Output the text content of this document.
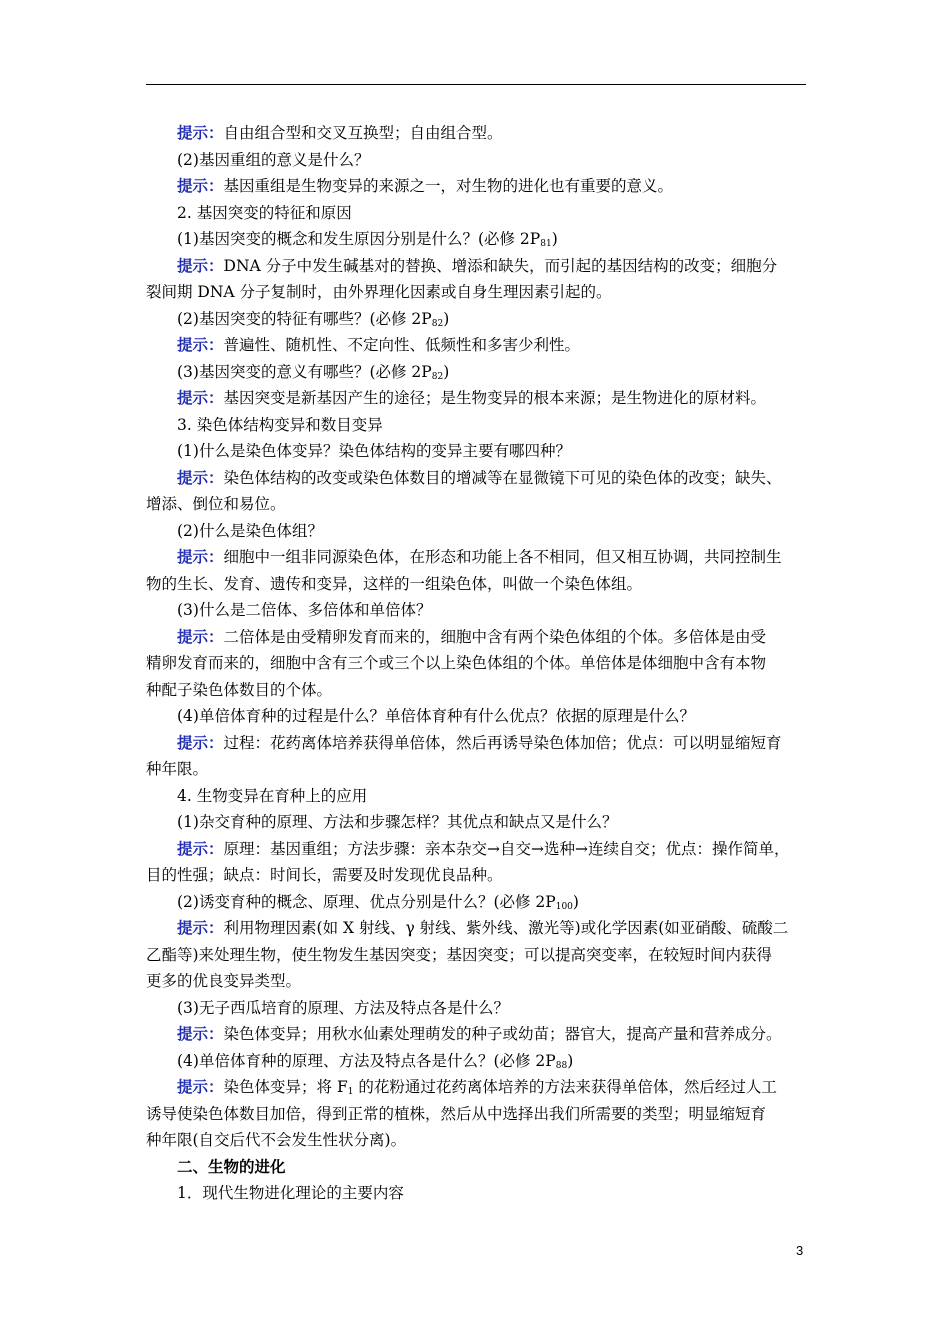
提示：自由组合型和交叉互换型；自由组合型。
(2)基因重组的意义是什么？
提示：基因重组是生物变异的来源之一，对生物的进化也有重要的意义。
2. 基因突变的特征和原因
(1)基因突变的概念和发生原因分别是什么？(必修 $2P_{81}$)
提示：DNA 分子中发生碱基对的替换、增添和缺失，而引起的基因结构的改变；细胞分
裂间期 DNA 分子复制时，由外界理化因素或自身生理因素引起的。
(2)基因突变的特征有哪些？(必修 $2P_{82}$)
提示：普遍性、随机性、不定向性、低频性和多害少利性。
(3)基因突变的意义有哪些？(必修 $2P_{82}$)
提示：基因突变是新基因产生的途径；是生物变异的根本来源；是生物进化的原材料。
3. 染色体结构变异和数目变异
(1)什么是染色体变异？染色体结构的变异主要有哪四种？
提示：染色体结构的改变或染色体数目的增减等在显微镜下可见的染色体的改变；缺失、
增添、倒位和易位。
(2)什么是染色体组？
提示：细胞中一组非同源染色体，在形态和功能上各不相同，但又相互协调，共同控制生
物的生长、发育、遗传和变异，这样的一组染色体，叫做一个染色体组。
(3)什么是二倍体、多倍体和单倍体？
提示：二倍体是由受精卵发育而来的，细胞中含有两个染色体组的个体。多倍体是由受
精卵发育而来的，细胞中含有三个或三个以上染色体组的个体。单倍体是体细胞中含有本物
种配子染色体数目的个体。
(4)单倍体育种的过程是什么？单倍体育种有什么优点？依据的原理是什么？
提示：过程：花药离体培养获得单倍体，然后再诱导染色体加倍；优点：可以明显缩短育
种年限。
4. 生物变异在育种上的应用
(1)杂交育种的原理、方法和步骤怎样？其优点和缺点又是什么？
提示：原理：基因重组；方法步骤：亲本杂交→自交→选种→连续自交；优点：操作简单，
目的性强；缺点：时间长，需要及时发现优良品种。
(2)诱变育种的概念、原理、优点分别是什么？(必修 $2P_{100}$)
提示：利用物理因素(如 X 射线、γ 射线、紫外线、激光等)或化学因素(如亚硝酸、硫酸二
乙酯等)来处理生物，使生物发生基因突变；基因突变；可以提高突变率，在较短时间内获得
更多的优良变异类型。
(3)无子西瓜培育的原理、方法及特点各是什么？
提示：染色体变异；用秋水仙素处理萌发的种子或幼苗；器官大，提高产量和营养成分。
(4)单倍体育种的原理、方法及特点各是什么？(必修 $2P_{88}$)
提示：染色体变异；将 $F_1$ 的花粉通过花药离体培养的方法来获得单倍体，然后经过人工
诱导使染色体数目加倍，得到正常的植株，然后从中选择出我们所需要的类型；明显缩短育
种年限(自交后代不会发生性状分离)。
二、生物的进化
1．现代生物进化理论的主要内容
3
